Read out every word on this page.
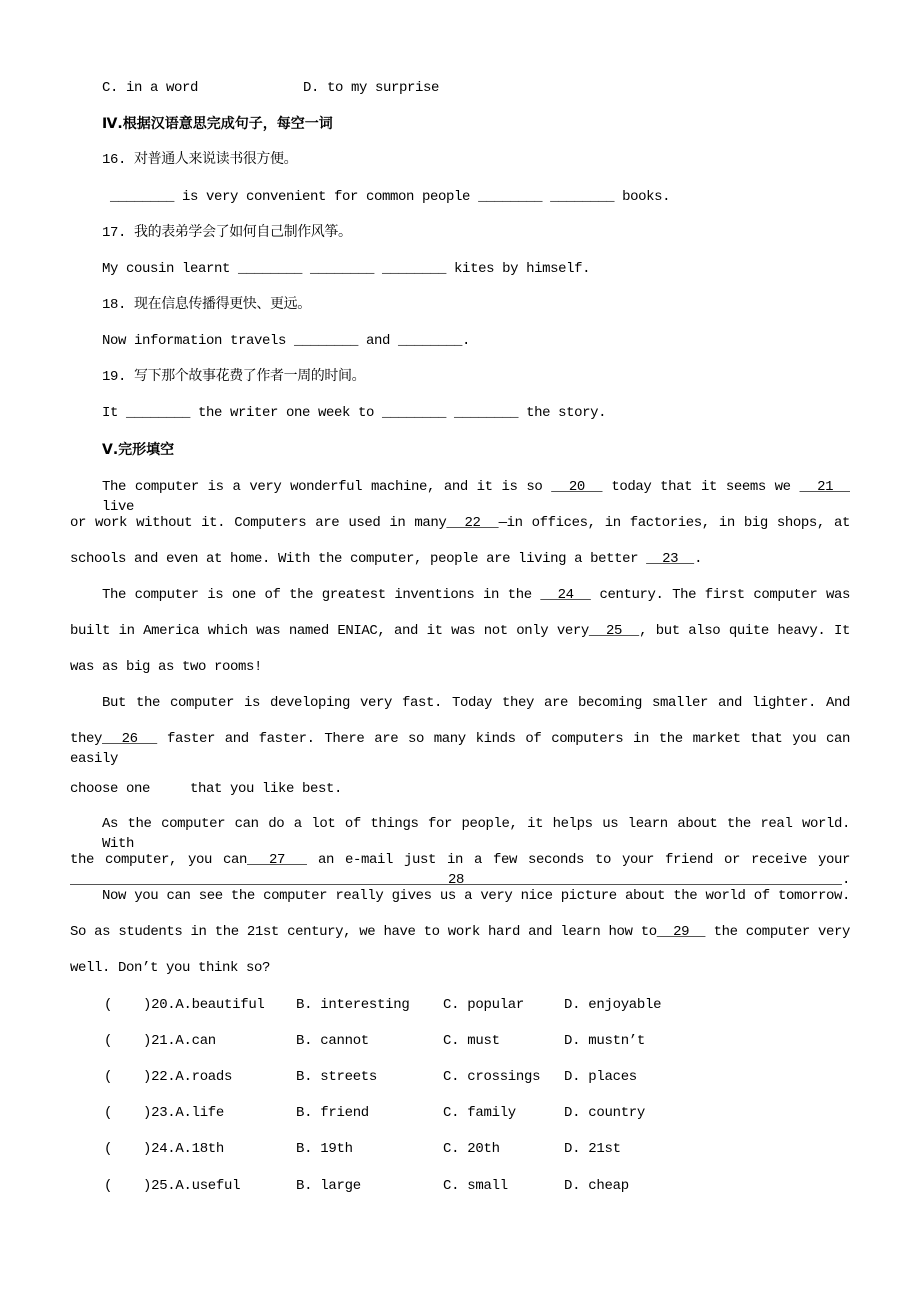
C. in a word	D. to my surprise
Ⅳ.根据汉语意思完成句子，每空一词
16. 对普通人来说读书很方便。
________ is very convenient for common people ________ ________ books.
17. 我的表弟学会了如何自己制作风筝。
My cousin learnt ________ ________ ________ kites by himself.
18. 现在信息传播得更快、更远。
Now information travels ________ and ________.
19. 写下那个故事花费了作者一周的时间。
It ________ the writer one week to ________ ________ the story.
Ⅴ.完形填空
The computer is a very wonderful machine, and it is so   20   today that it seems we   21   live
or work without it. Computers are used in many  22  —in offices, in factories, in big shops, at
schools and even at home. With the computer, people are living a better   23  .
The computer is one of the greatest inventions in the   24   century. The first computer was
built in America which was named ENIAC, and it was not only very  25  , but also quite heavy. It
was as big as two rooms!
But the computer is developing very fast. Today they are becoming smaller and lighter. And
they  26   faster and faster. There are so many kinds of computers in the market that you can easily
choose one     that you like best.
As the computer can do a lot of things for people, it helps us learn about the real world. With
the computer, you can  27   an e-mail just in a few seconds to your friend or receive your   28  .
Now you can see the computer really gives us a very nice picture about the world of tomorrow.
So as students in the 21st century, we have to work hard and learn how to  29   the computer very
well. Don’t you think so?
( )20.A.beautiful B. interesting C. popular	D. enjoyable
( )21.A.can	B. cannot	C. must	D. mustn’t
( )22.A.roads	B. streets	C. crossings D. places
( )23.A.life	B. friend	C. family	D. country
( )24.A.18th	B. 19th	C. 20th	D. 21st
( )25.A.useful	B. large	C. small	D. cheap
